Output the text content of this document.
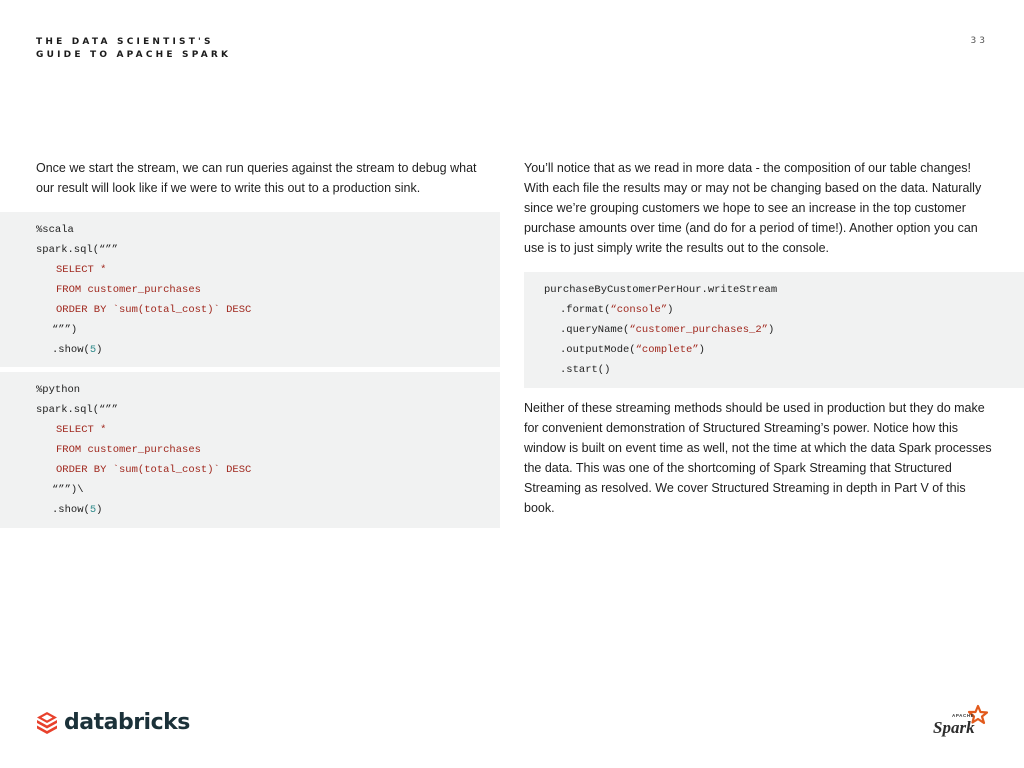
THE DATA SCIENTIST'S
GUIDE TO APACHE SPARK
33
Once we start the stream, we can run queries against the stream to debug what our result will look like if we were to write this out to a production sink.
%scala
spark.sql(“””
SELECT *
FROM customer_purchases
ORDER BY `sum(total_cost)` DESC
“””)
.show(5)
%python
spark.sql(“””
SELECT *
FROM customer_purchases
ORDER BY `sum(total_cost)` DESC
“””)\
.show(5)
You’ll notice that as we read in more data - the composition of our table changes! With each file the results may or may not be changing based on the data. Naturally since we’re grouping customers we hope to see an increase in the top customer purchase amounts over time (and do for a period of time!). Another option you can use is to just simply write the results out to the console.
purchaseByCustomerPerHour.writeStream
.format(“console”)
.queryName(“customer_purchases_2”)
.outputMode(“complete”)
.start()
Neither of these streaming methods should be used in production but they do make for convenient demonstration of Structured Streaming’s power. Notice how this window is built on event time as well, not the time at which the data Spark processes the data. This was one of the shortcoming of Spark Streaming that Structured Streaming as resolved. We cover Structured Streaming in depth in Part V of this book.
databricks	APACHE
Spark
